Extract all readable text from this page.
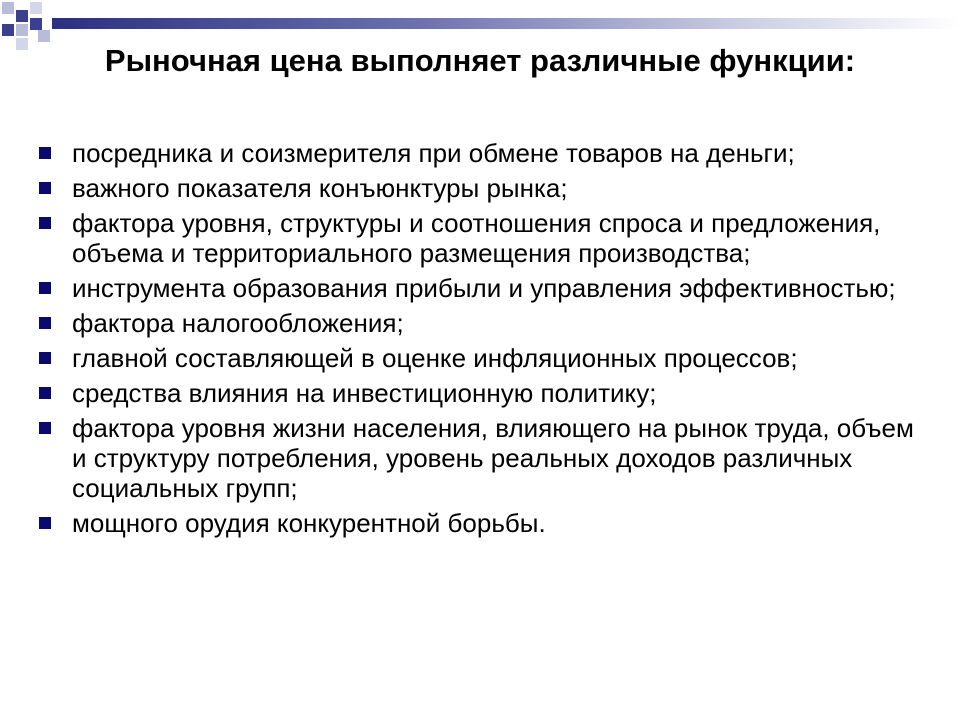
Рыночная цена выполняет различные функции:
посредника и соизмерителя при обмене товаров на деньги;
важного показателя конъюнктуры рынка;
фактора уровня, структуры и соотношения спроса и предложения, объема и территориального размещения производства;
инструмента образования прибыли и управления эффективностью;
фактора налогообложения;
главной составляющей в оценке инфляционных процессов;
средства влияния на инвестиционную политику;
фактора уровня жизни населения, влияющего на рынок труда, объем и структуру потребления, уровень реальных доходов различных социальных групп;
мощного орудия конкурентной борьбы.
